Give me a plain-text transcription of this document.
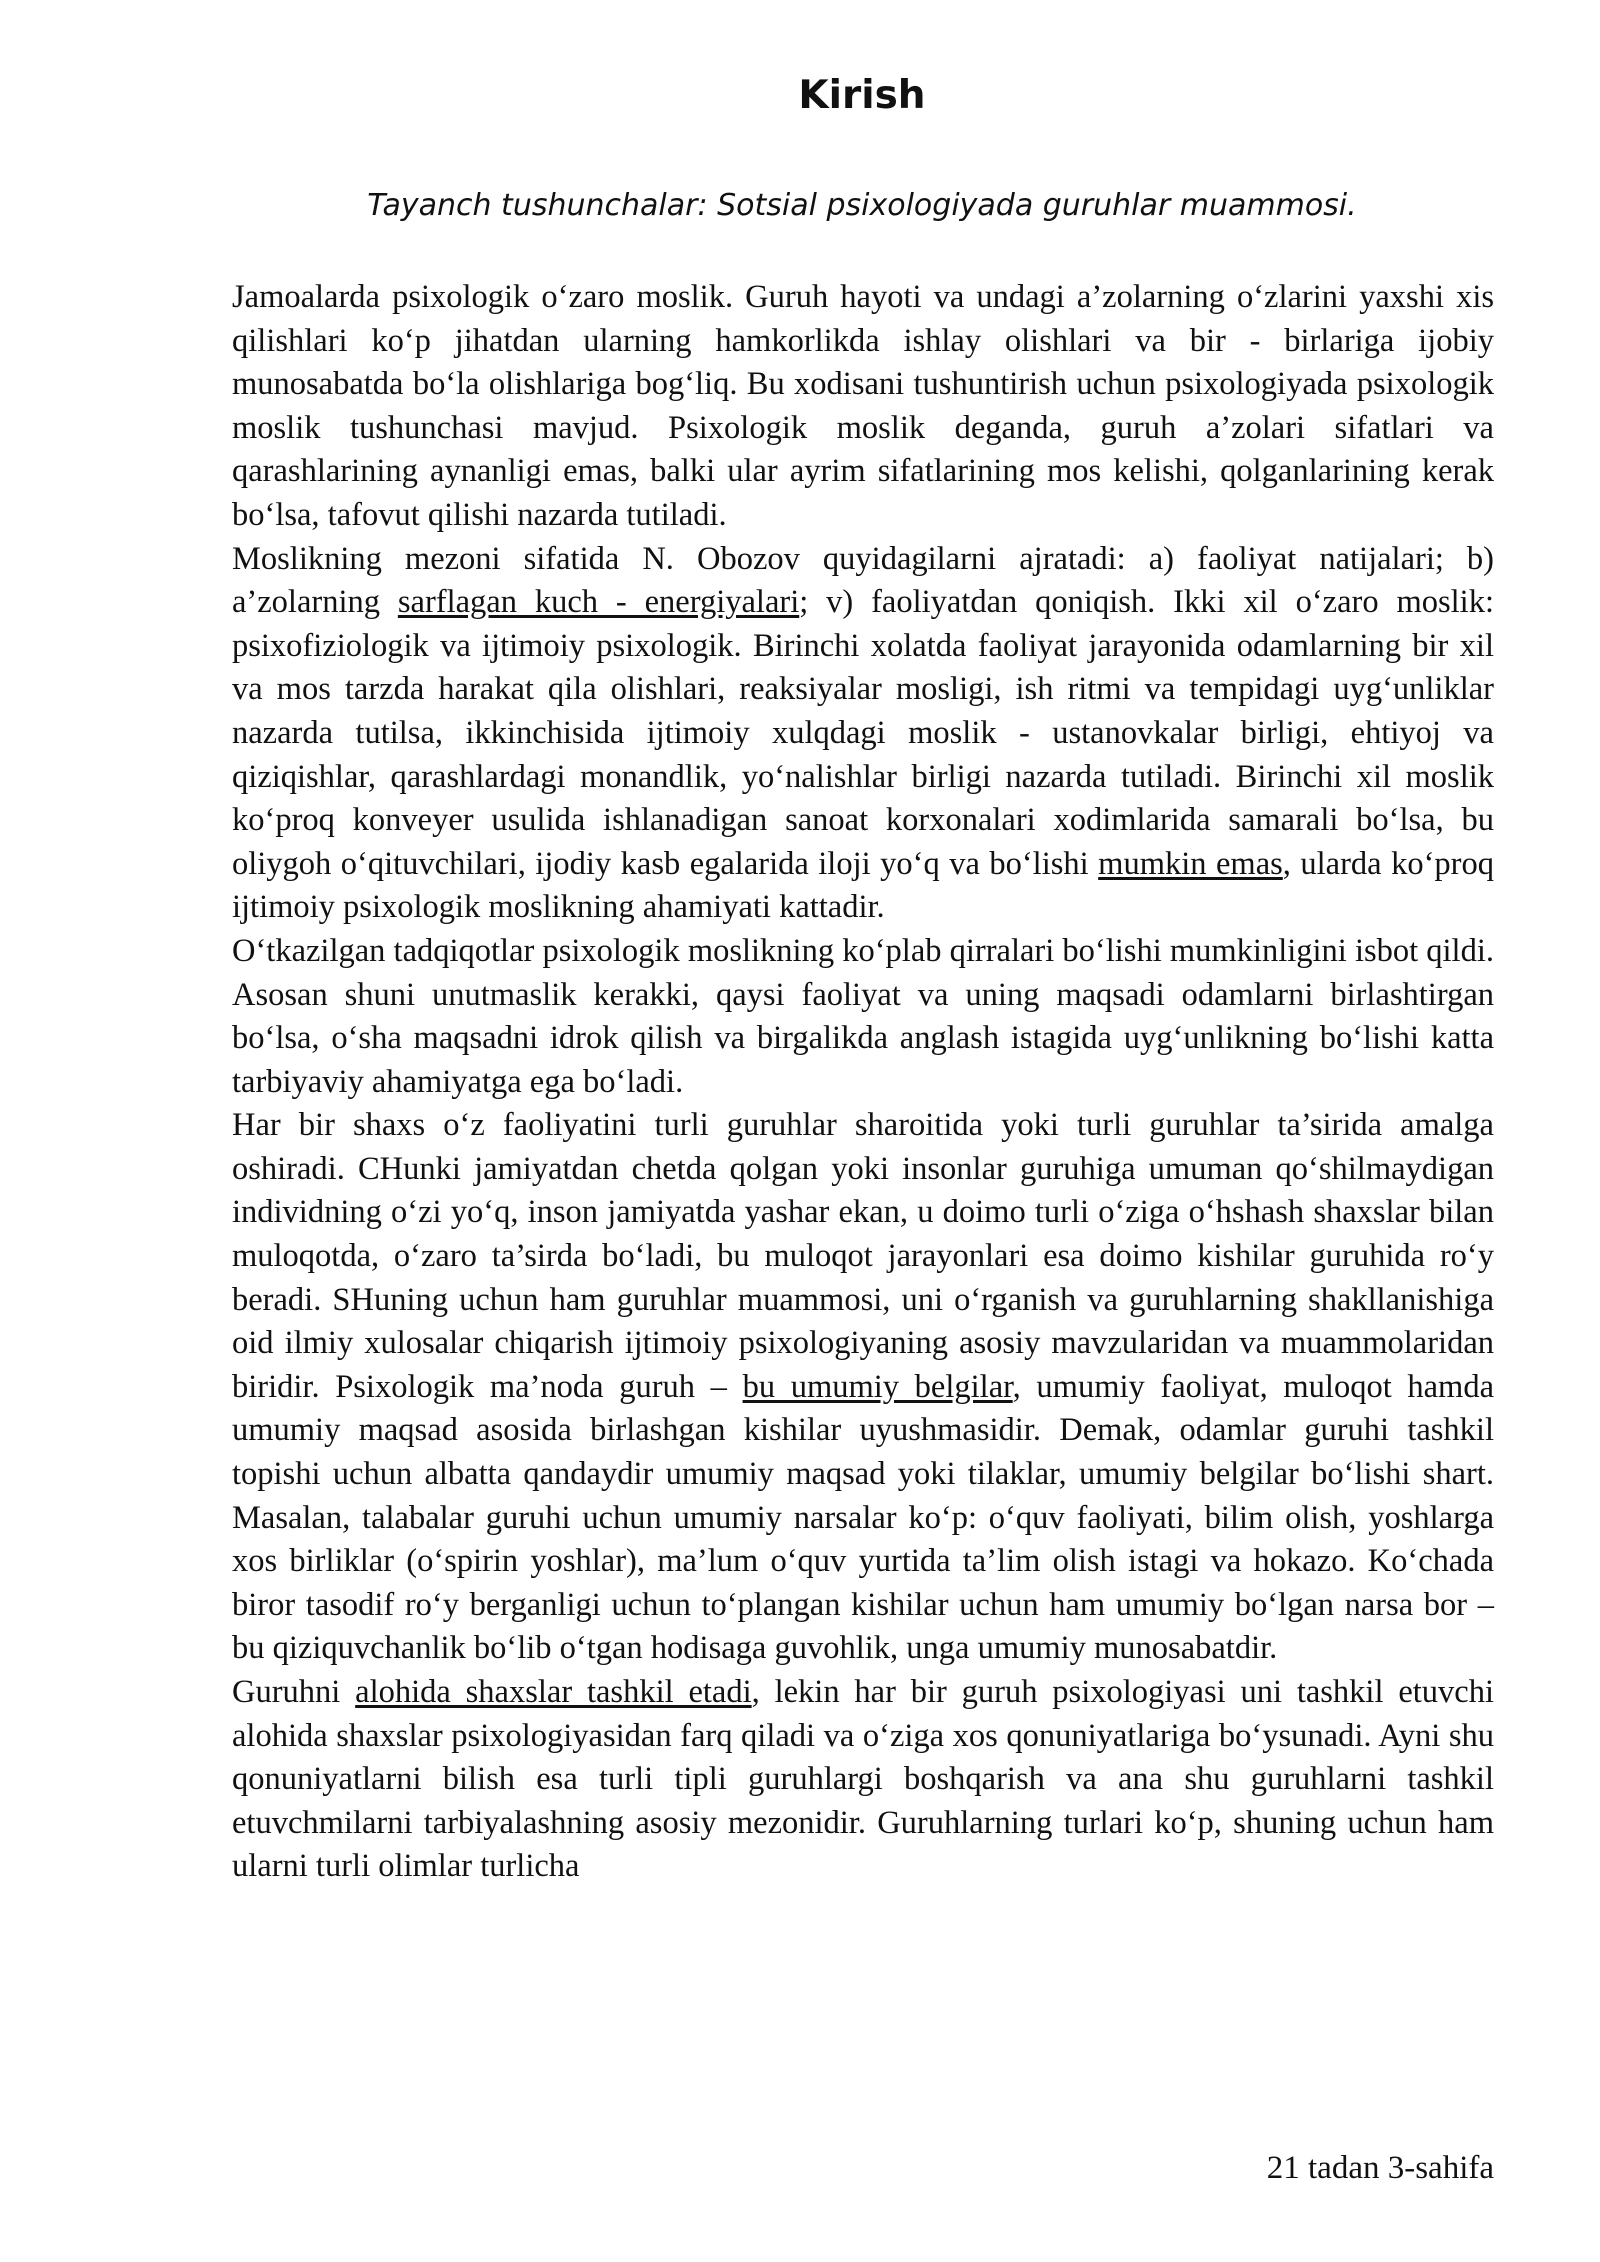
Kirish

Tayanch tushunchalar: Sotsial psixologiyada guruhlar muammosi.

Jamoalarda psixologik o‘zaro moslik. Guruh hayoti va undagi a’zolarning o‘zlarini yaxshi xis qilishlari ko‘p jihatdan ularning hamkorlikda ishlay olishlari va bir - birlariga ijobiy munosabatda bo‘la olishlariga bog‘liq. Bu xodisani tushuntirish uchun psixologiyada psixologik moslik tushunchasi mavjud. Psixologik moslik deganda, guruh a’zolari sifatlari va qarashlarining aynanligi emas, balki ular ayrim sifatlarining mos kelishi, qolganlarining kerak bo‘lsa, tafovut qilishi nazarda tutiladi.

Moslikning mezoni sifatida N. Obozov quyidagilarni ajratadi: a) faoliyat natijalari; b) a’zolarning sarflagan kuch - energiyalari; v) faoliyatdan qoniqish. Ikki xil o‘zaro moslik: psixofiziologik va ijtimoiy psixologik. Birinchi xolatda faoliyat jarayonida odamlarning bir xil va mos tarzda harakat qila olishlari, reaksiyalar mosligi, ish ritmi va tempidagi uyg‘unliklar nazarda tutilsa, ikkinchisida ijtimoiy xulqdagi moslik - ustanovkalar birligi, ehtiyoj va qiziqishlar, qarashlardagi monandlik, yo‘nalishlar birligi nazarda tutiladi. Birinchi xil moslik ko‘proq konveyer usulida ishlanadigan sanoat korxonalari xodimlarida samarali bo‘lsa, bu oliygoh o‘qituvchilari, ijodiy kasb egalarida iloji yo‘q va bo‘lishi mumkin emas, ularda ko‘proq ijtimoiy psixologik moslikning ahamiyati kattadir.

O‘tkazilgan tadqiqotlar psixologik moslikning ko‘plab qirralari bo‘lishi mumkinligini isbot qildi. Asosan shuni unutmaslik kerakki, qaysi faoliyat va uning maqsadi odamlarni birlashtirgan bo‘lsa, o‘sha maqsadni idrok qilish va birgalikda anglash istagida uyg‘unlikning bo‘lishi katta tarbiyaviy ahamiyatga ega bo‘ladi.

Har bir shaxs o‘z faoliyatini turli guruhlar sharoitida yoki turli guruhlar ta’sirida amalga oshiradi. CHunki jamiyatdan chetda qolgan yoki insonlar guruhiga umuman qo‘shilmaydigan individning o‘zi yo‘q, inson jamiyatda yashar ekan, u doimo turli o‘ziga o‘hshash shaxslar bilan muloqotda, o‘zaro ta’sirda bo‘ladi, bu muloqot jarayonlari esa doimo kishilar guruhida ro‘y beradi. SHuning uchun ham guruhlar muammosi, uni o‘rganish va guruhlarning shakllanishiga oid ilmiy xulosalar chiqarish ijtimoiy psixologiyaning asosiy mavzularidan va muammolaridan biridir. Psixologik ma’noda guruh – bu umumiy belgilar, umumiy faoliyat, muloqot hamda umumiy maqsad asosida birlashgan kishilar uyushmasidir. Demak, odamlar guruhi tashkil topishi uchun albatta qandaydir umumiy maqsad yoki tilaklar, umumiy belgilar bo‘lishi shart. Masalan, talabalar guruhi uchun umumiy narsalar ko‘p: o‘quv faoliyati, bilim olish, yoshlarga xos birliklar (o‘spirin yoshlar), ma’lum o‘quv yurtida ta’lim olish istagi va hokazo. Ko‘chada biror tasodif ro‘y berganligi uchun to‘plangan kishilar uchun ham umumiy bo‘lgan narsa bor – bu qiziquvchanlik bo‘lib o‘tgan hodisaga guvohlik, unga umumiy munosabatdir.

Guruhni alohida shaxslar tashkil etadi, lekin har bir guruh psixologiyasi uni tashkil etuvchi alohida shaxslar psixologiyasidan farq qiladi va o‘ziga xos qonuniyatlariga bo‘ysunadi. Ayni shu qonuniyatlarni bilish esa turli tipli guruhlargi boshqarish va ana shu guruhlarni tashkil etuvchmilarni tarbiyalashning asosiy mezonidir. Guruhlarning turlari ko‘p, shuning uchun ham ularni turli olimlar turlicha

21 tadan 3-sahifa
